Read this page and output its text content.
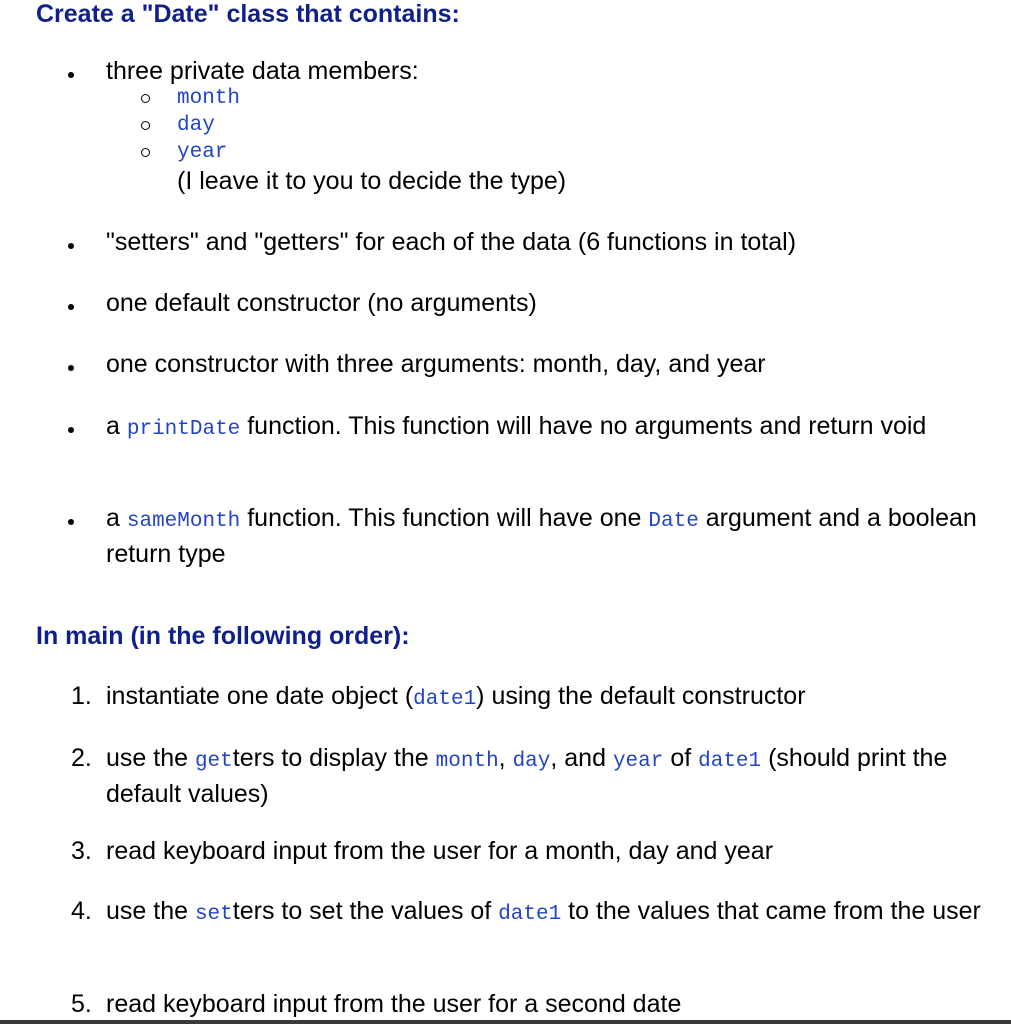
Create a "Date" class that contains:
three private data members:
month
day
year
(I leave it to you to decide the type)
"setters" and "getters" for each of the data (6 functions in total)
one default constructor (no arguments)
one constructor with three arguments: month, day, and year
a printDate function. This function will have no arguments and return void
a sameMonth function. This function will have one Date argument and a boolean return type
In main (in the following order):
1. instantiate one date object (date1) using the default constructor
2. use the getters to display the month, day, and year of date1 (should print the default values)
3. read keyboard input from the user for a month, day and year
4. use the setters to set the values of date1 to the values that came from the user
5. read keyboard input from the user for a second date
